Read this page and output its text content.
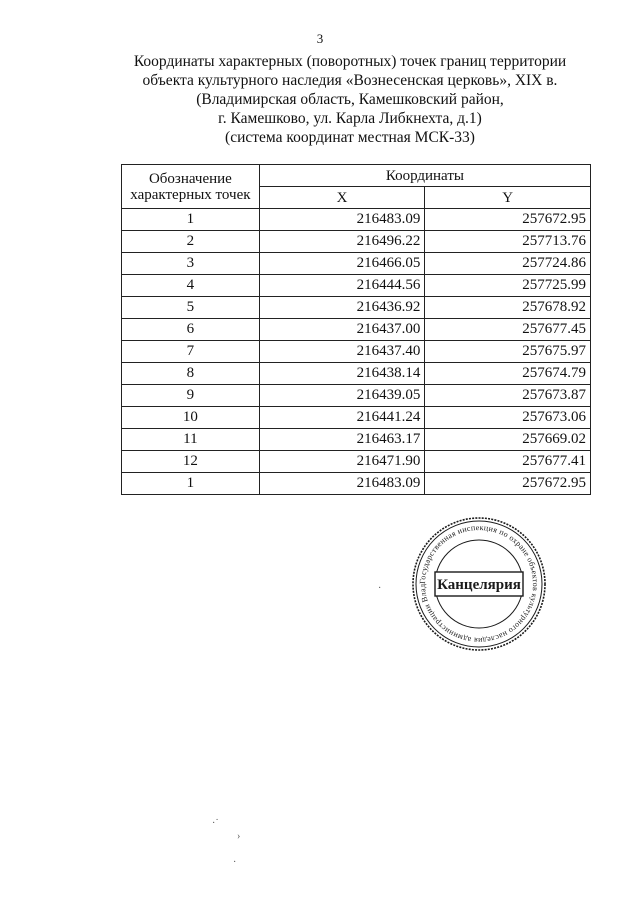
3
Координаты характерных (поворотных) точек границ территории
объекта культурного наследия «Вознесенская церковь», XIX в.
(Владимирская область, Камешковский район,
г. Камешково, ул. Карла Либкнехта, д.1)
(система координат местная МСК-33)
Обозначение характерных точек	Координаты	
	X	Y
1	216483.09	257672.95
2	216496.22	257713.76
3	216466.05	257724.86
4	216444.56	257725.99
5	216436.92	257678.92
6	216437.00	257677.45
7	216437.40	257675.97
8	216438.14	257674.79
9	216439.05	257673.87
10	216441.24	257673.06
11	216463.17	257669.02
12	216471.90	257677.41
1	216483.09	257672.95
Государственная инспекция по охране объектов культурного наследия администрации Влад Канцелярия
·
·˙
›
·
